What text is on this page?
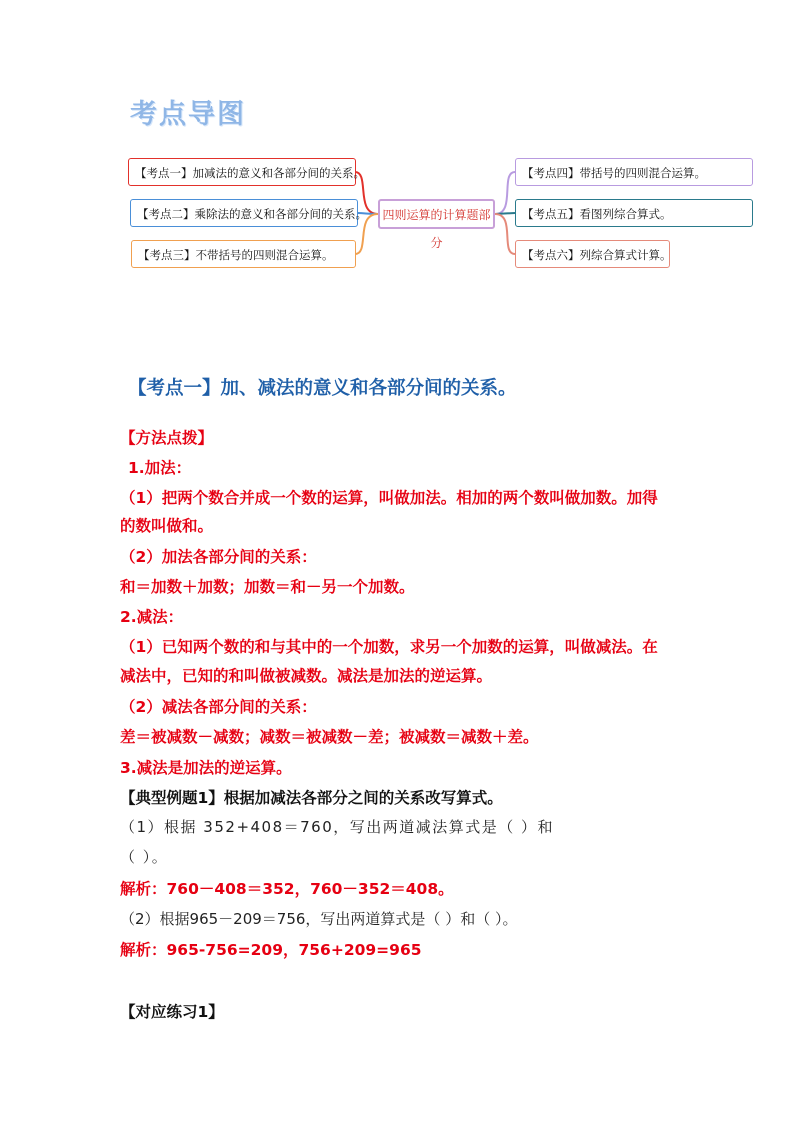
考点导图
【考点一】加减法的意义和各部分间的关系。
【考点二】乘除法的意义和各部分间的关系。
【考点三】不带括号的四则混合运算。
四则运算的计算题部分
【考点四】带括号的四则混合运算。
【考点五】看图列综合算式。
【考点六】列综合算式计算。
【考点一】加、减法的意义和各部分间的关系。
【方法点拨】
1.加法：
（1）把两个数合并成一个数的运算，叫做加法。相加的两个数叫做加数。加得
的数叫做和。
（2）加法各部分间的关系：
和＝加数＋加数；加数＝和－另一个加数。
2.减法：
（1）已知两个数的和与其中的一个加数，求另一个加数的运算，叫做减法。在
减法中，已知的和叫做被减数。减法是加法的逆运算。
（2）减法各部分间的关系：
差＝被减数－减数；减数＝被减数－差；被减数＝减数＋差。
3.减法是加法的逆运算。
【典型例题1】根据加减法各部分之间的关系改写算式。
（1）根据 352+408＝760，写出两道减法算式是（ ）和
（ ）。
解析：760－408＝352，760－352＝408。
（2）根据965－209＝756，写出两道算式是（ ）和（ ）。
解析：965-756=209，756+209=965
【对应练习1】
